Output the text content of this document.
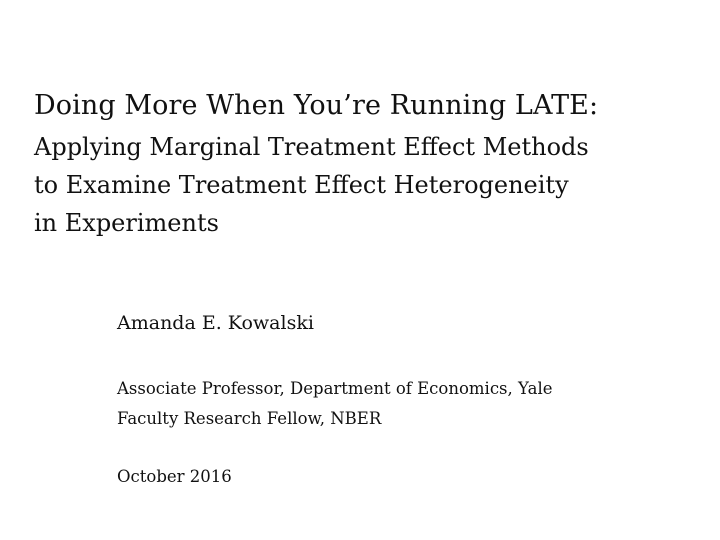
Doing More When You’re Running LATE:
Applying Marginal Treatment Effect Methods
to Examine Treatment Effect Heterogeneity
in Experiments
Amanda E. Kowalski
Associate Professor, Department of Economics, Yale
Faculty Research Fellow, NBER
October 2016
